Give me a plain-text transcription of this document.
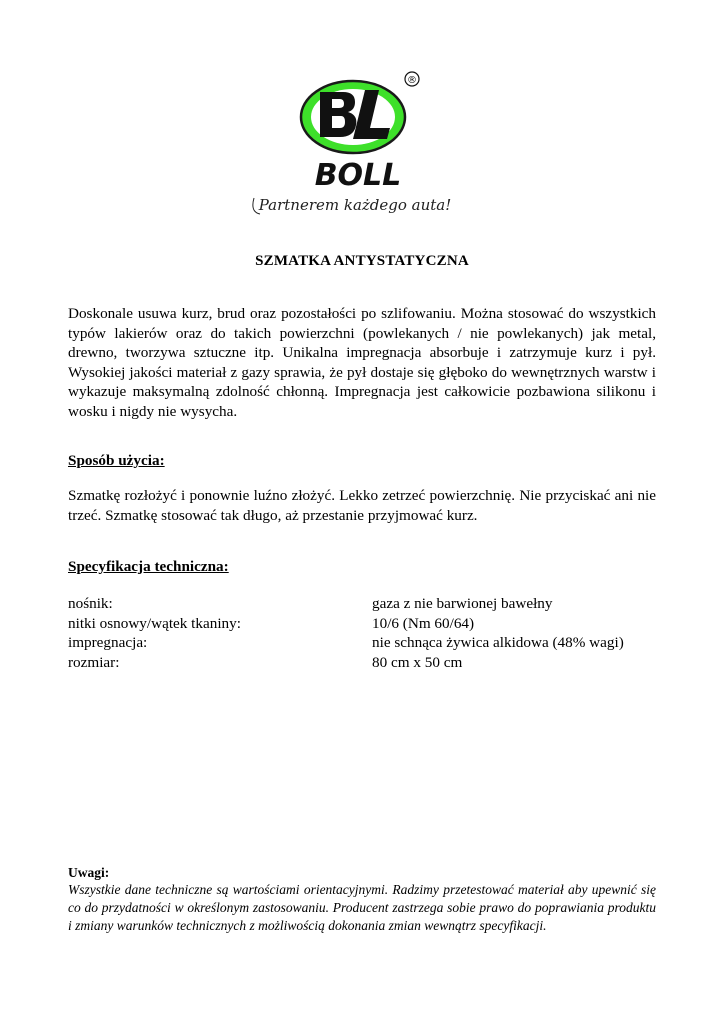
®
BOLL
Partnerem każdego auta!
SZMATKA ANTYSTATYCZNA
Doskonale usuwa kurz, brud oraz pozostałości po szlifowaniu. Można stosować do wszystkich typów lakierów oraz do takich powierzchni (powlekanych / nie powlekanych) jak metal, drewno, tworzywa sztuczne itp. Unikalna impregnacja absorbuje i zatrzymuje kurz i pył. Wysokiej jakości materiał z gazy sprawia, że pył dostaje się głęboko do wewnętrznych warstw i wykazuje maksymalną zdolność chłonną. Impregnacja jest całkowicie pozbawiona silikonu i wosku i nigdy nie wysycha.
Sposób użycia:
Szmatkę rozłożyć i ponownie luźno złożyć. Lekko zetrzeć powierzchnię. Nie przyciskać ani nie trzeć. Szmatkę stosować tak długo, aż przestanie przyjmować kurz.
Specyfikacja techniczna:
nośnik:	gaza z nie barwionej bawełny
nitki osnowy/wątek tkaniny:	10/6 (Nm 60/64)
impregnacja:	nie schnąca żywica alkidowa (48% wagi)
rozmiar:	80 cm x 50 cm
Uwagi:
Wszystkie dane techniczne są wartościami orientacyjnymi. Radzimy przetestować materiał aby upewnić się co do przydatności w określonym zastosowaniu. Producent zastrzega sobie prawo do poprawiania produktu i zmiany warunków technicznych z możliwością dokonania zmian wewnątrz specyfikacji.
